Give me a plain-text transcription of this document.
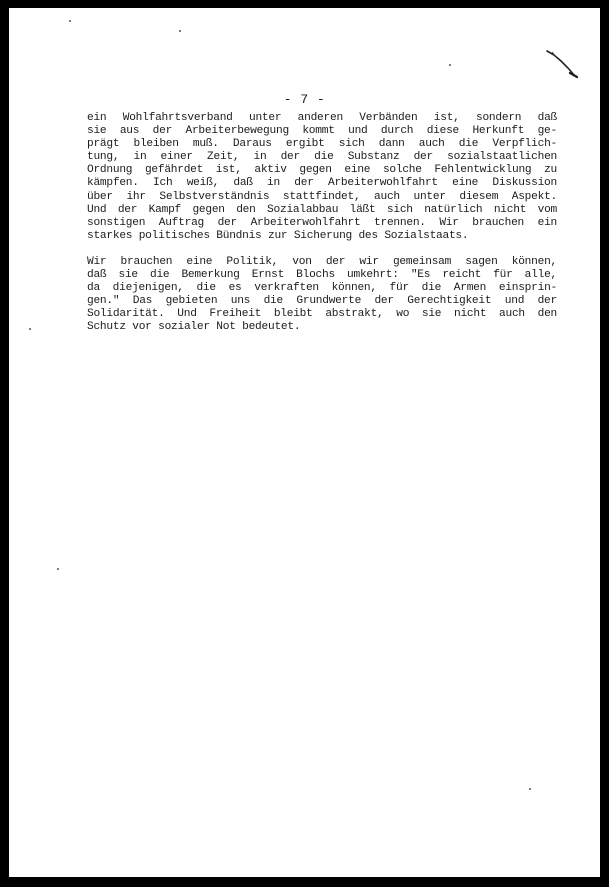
- 7 -
ein Wohlfahrtsverband unter anderen Verbänden ist, sondern daß
sie aus der Arbeiterbewegung kommt und durch diese Herkunft ge-
prägt bleiben muß. Daraus ergibt sich dann auch die Verpflich-
tung, in einer Zeit, in der die Substanz der sozialstaatlichen
Ordnung gefährdet ist, aktiv gegen eine solche Fehlentwicklung zu
kämpfen. Ich weiß, daß in der Arbeiterwohlfahrt eine Diskussion
über ihr Selbstverständnis stattfindet, auch unter diesem Aspekt.
Und der Kampf gegen den Sozialabbau läßt sich natürlich nicht vom
sonstigen Auftrag der Arbeiterwohlfahrt trennen. Wir brauchen ein
starkes politisches Bündnis zur Sicherung des Sozialstaats.
Wir brauchen eine Politik, von der wir gemeinsam sagen können,
daß sie die Bemerkung Ernst Blochs umkehrt: "Es reicht für alle,
da diejenigen, die es verkraften können, für die Armen einsprin-
gen." Das gebieten uns die Grundwerte der Gerechtigkeit und der
Solidarität. Und Freiheit bleibt abstrakt, wo sie nicht auch den
Schutz vor sozialer Not bedeutet.
